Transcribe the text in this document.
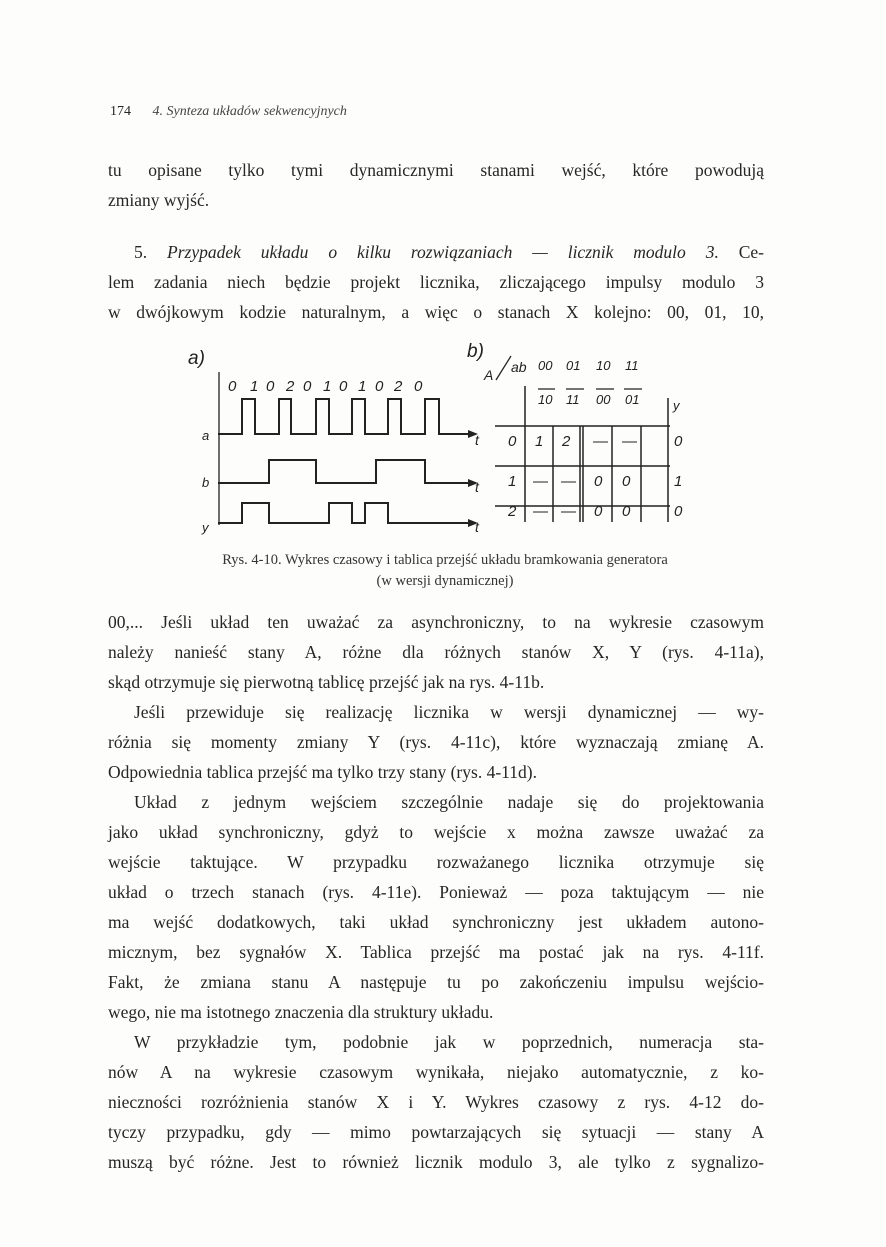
174 4. Synteza układów sekwencyjnych
tu opisane tylko tymi dynamicznymi stanami wejść, które powodują
zmiany wyjść.
5. Przypadek układu o kilku rozwiązaniach — licznik modulo 3. Ce-
lem zadania niech będzie projekt licznika, zliczającego impulsy modulo 3
w dwójkowym kodzie naturalnym, a więc o stanach X kolejno: 00, 01, 10,
a)	b)
0 1 0 2 0 1 0 1 0 2 0
a
b
y
t
t
t
A ab 00 01 10 11
10 11 00 01	y
0 1 2 — — 0
1 — — 0 0	1
2 — — 0 0	0
Rys. 4-10. Wykres czasowy i tablica przejść układu bramkowania generatora
(w wersji dynamicznej)
00,... Jeśli układ ten uważać za asynchroniczny, to na wykresie czasowym
należy nanieść stany A, różne dla różnych stanów X, Y (rys. 4-11a),
skąd otrzymuje się pierwotną tablicę przejść jak na rys. 4-11b.
Jeśli przewiduje się realizację licznika w wersji dynamicznej — wy-
różnia się momenty zmiany Y (rys. 4-11c), które wyznaczają zmianę A.
Odpowiednia tablica przejść ma tylko trzy stany (rys. 4-11d).
Układ z jednym wejściem szczególnie nadaje się do projektowania
jako układ synchroniczny, gdyż to wejście x można zawsze uważać za
wejście taktujące. W przypadku rozważanego licznika otrzymuje się
układ o trzech stanach (rys. 4-11e). Ponieważ — poza taktującym — nie
ma wejść dodatkowych, taki układ synchroniczny jest układem autono-
micznym, bez sygnałów X. Tablica przejść ma postać jak na rys. 4-11f.
Fakt, że zmiana stanu A następuje tu po zakończeniu impulsu wejścio-
wego, nie ma istotnego znaczenia dla struktury układu.
W przykładzie tym, podobnie jak w poprzednich, numeracja sta-
nów A na wykresie czasowym wynikała, niejako automatycznie, z ko-
nieczności rozróżnienia stanów X i Y. Wykres czasowy z rys. 4-12 do-
tyczy przypadku, gdy — mimo powtarzających się sytuacji — stany A
muszą być różne. Jest to również licznik modulo 3, ale tylko z sygnalizo-
